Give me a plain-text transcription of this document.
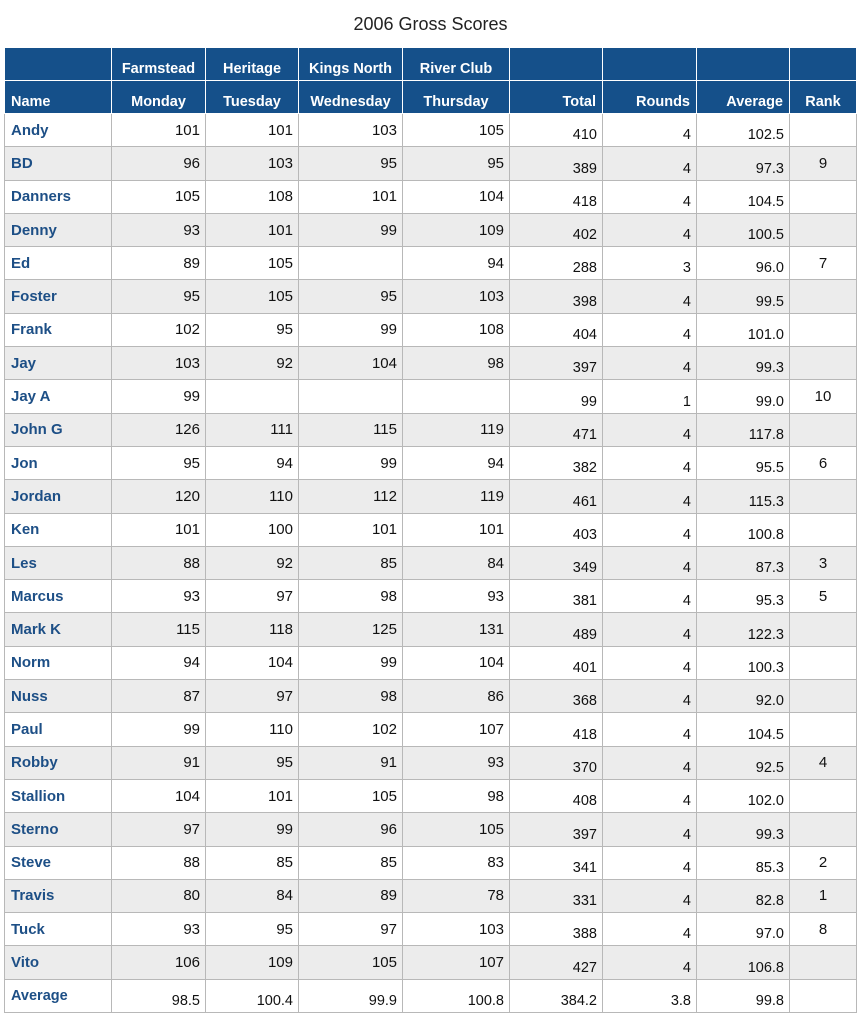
2006 Gross Scores
	Farmstead	Heritage	Kings North	River Club				
Name	Monday	Tuesday	Wednesday	Thursday	Total	Rounds	Average	Rank
Andy	101	101	103	105	410	4	102.5	
BD	96	103	95	95	389	4	97.3	9
Danners	105	108	101	104	418	4	104.5	
Denny	93	101	99	109	402	4	100.5	
Ed	89	105		94	288	3	96.0	7
Foster	95	105	95	103	398	4	99.5	
Frank	102	95	99	108	404	4	101.0	
Jay	103	92	104	98	397	4	99.3	
Jay A	99				99	1	99.0	10
John G	126	111	115	119	471	4	117.8	
Jon	95	94	99	94	382	4	95.5	6
Jordan	120	110	112	119	461	4	115.3	
Ken	101	100	101	101	403	4	100.8	
Les	88	92	85	84	349	4	87.3	3
Marcus	93	97	98	93	381	4	95.3	5
Mark K	115	118	125	131	489	4	122.3	
Norm	94	104	99	104	401	4	100.3	
Nuss	87	97	98	86	368	4	92.0	
Paul	99	110	102	107	418	4	104.5	
Robby	91	95	91	93	370	4	92.5	4
Stallion	104	101	105	98	408	4	102.0	
Sterno	97	99	96	105	397	4	99.3	
Steve	88	85	85	83	341	4	85.3	2
Travis	80	84	89	78	331	4	82.8	1
Tuck	93	95	97	103	388	4	97.0	8
Vito	106	109	105	107	427	4	106.8	
Average	98.5	100.4	99.9	100.8	384.2	3.8	99.8	
